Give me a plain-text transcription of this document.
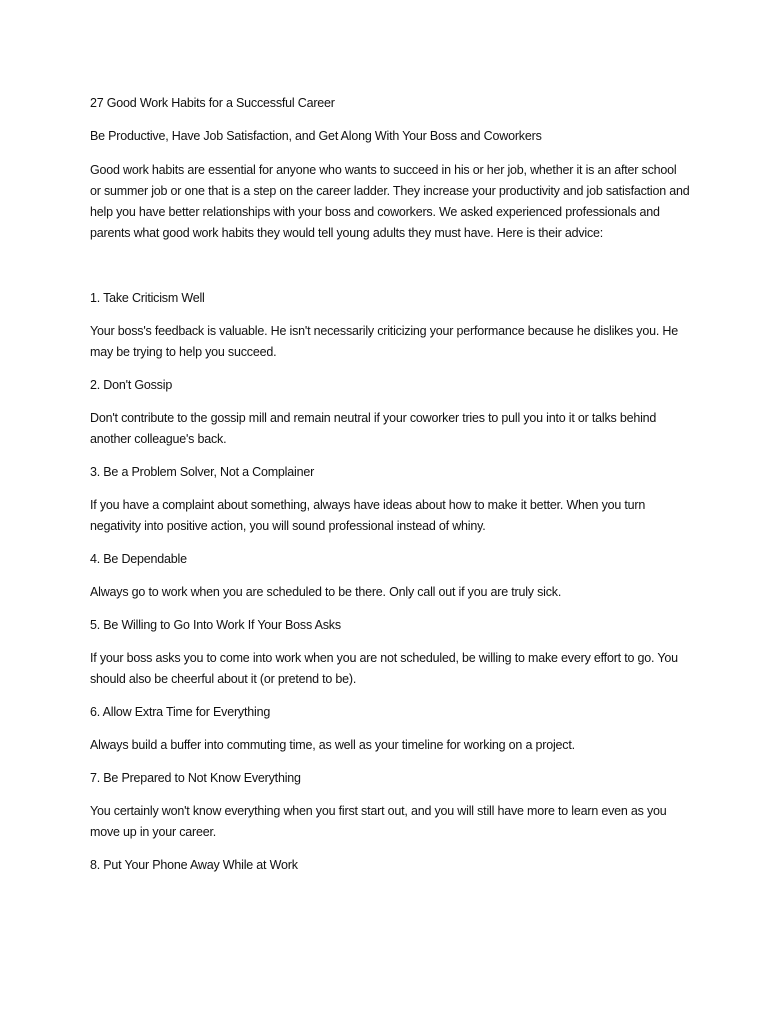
27 Good Work Habits for a Successful Career

Be Productive, Have Job Satisfaction, and Get Along With Your Boss and Coworkers

Good work habits are essential for anyone who wants to succeed in his or her job, whether it is an after school or summer job or one that is a step on the career ladder. They increase your productivity and job satisfaction and help you have better relationships with your boss and coworkers. We asked experienced professionals and parents what good work habits they would tell young adults they must have. Here is their advice:

1. Take Criticism Well

Your boss's feedback is valuable. He isn't necessarily criticizing your performance because he dislikes you. He may be trying to help you succeed.

2. Don't Gossip

Don't contribute to the gossip mill and remain neutral if your coworker tries to pull you into it or talks behind another colleague's back.

3. Be a Problem Solver, Not a Complainer

If you have a complaint about something, always have ideas about how to make it better. When you turn negativity into positive action, you will sound professional instead of whiny.

4. Be Dependable

Always go to work when you are scheduled to be there. Only call out if you are truly sick.

5. Be Willing to Go Into Work If Your Boss Asks

If your boss asks you to come into work when you are not scheduled, be willing to make every effort to go. You should also be cheerful about it (or pretend to be).

6. Allow Extra Time for Everything

Always build a buffer into commuting time, as well as your timeline for working on a project.

7. Be Prepared to Not Know Everything

You certainly won't know everything when you first start out, and you will still have more to learn even as you move up in your career.

8. Put Your Phone Away While at Work
